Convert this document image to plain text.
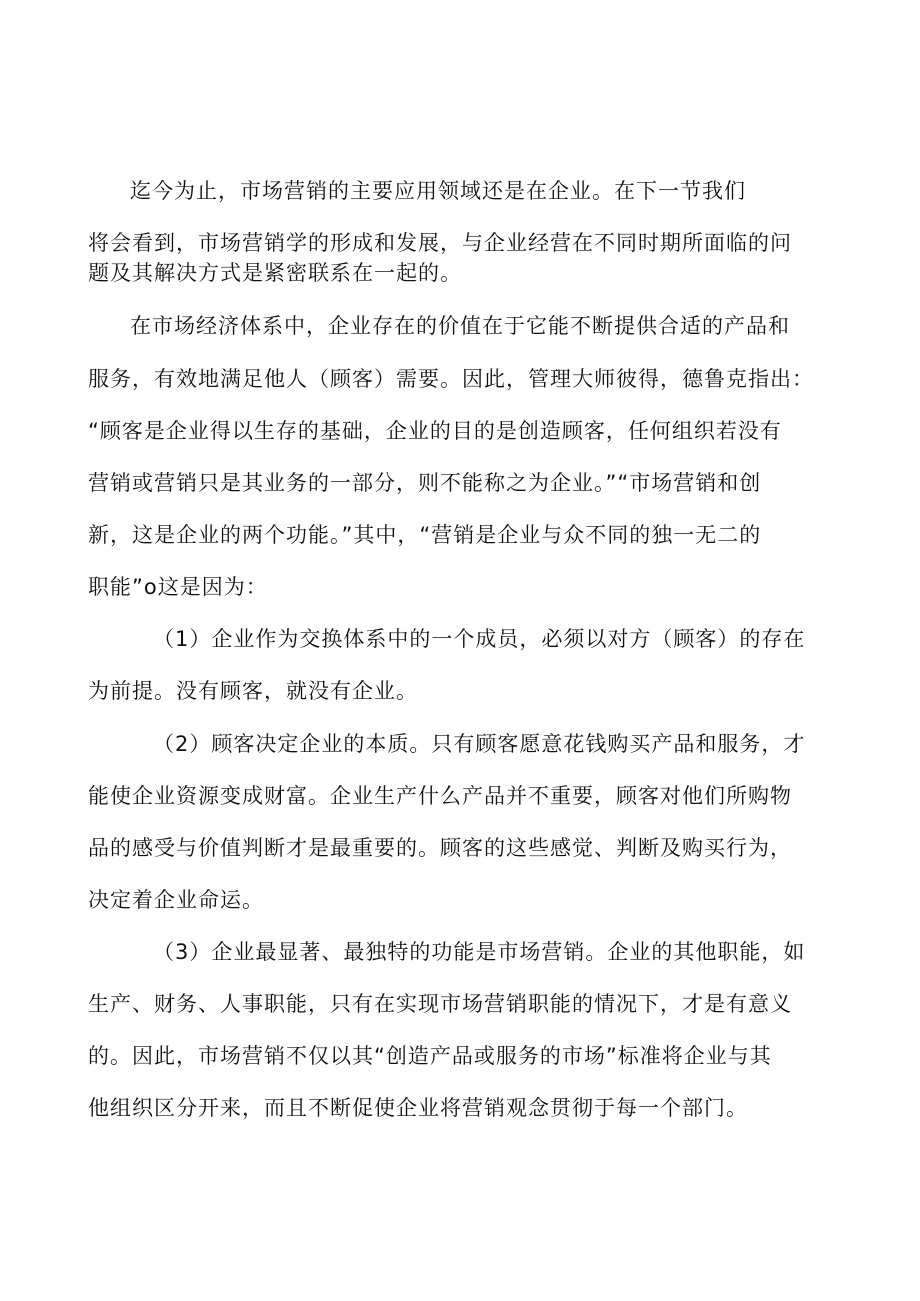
迄今为止，市场营销的主要应用领域还是在企业。在下一节我们
将会看到，市场营销学的形成和发展，与企业经营在不同时期所面临的问
题及其解决方式是紧密联系在一起的。
在市场经济体系中，企业存在的价值在于它能不断提供合适的产品和
服务，有效地满足他人（顾客）需要。因此，管理大师彼得，德鲁克指出：
“顾客是企业得以生存的基础，企业的目的是创造顾客，任何组织若没有
营销或营销只是其业务的一部分，则不能称之为企业。”“市场营销和创
新，这是企业的两个功能。”其中，“营销是企业与众不同的独一无二的
职能”o这是因为：
（1）企业作为交换体系中的一个成员，必须以对方（顾客）的存在
为前提。没有顾客，就没有企业。
（2）顾客决定企业的本质。只有顾客愿意花钱购买产品和服务，才
能使企业资源变成财富。企业生产什么产品并不重要，顾客对他们所购物
品的感受与价值判断才是最重要的。顾客的这些感觉、判断及购买行为，
决定着企业命运。
（3）企业最显著、最独特的功能是市场营销。企业的其他职能，如
生产、财务、人事职能，只有在实现市场营销职能的情况下，才是有意义
的。因此，市场营销不仅以其“创造产品或服务的市场”标准将企业与其
他组织区分开来，而且不断促使企业将营销观念贯彻于每一个部门。
